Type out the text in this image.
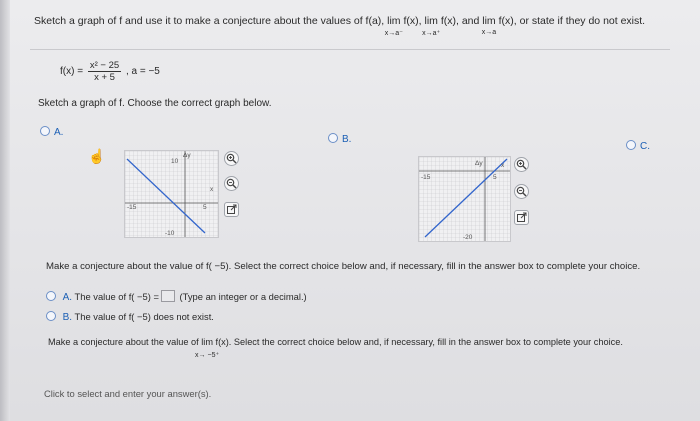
Sketch a graph of f and use it to make a conjecture about the values of f(a), lim
x→a⁻
f(x), lim
x→a⁺
f(x), and lim
x→a
f(x), or state if they do not exist.
$f(x) = \frac{\text{x² − 25}}{x + 5}$ , a = −5
Sketch a graph of f. Choose the correct graph below.
A.
B.
C.
☝	10
-10
-15	5
x
Δy
-15	5
-20
x
Δy
Make a conjecture about the value of f( −5). Select the correct choice below and, if necessary, fill in the answer box to complete your choice.
A. The value of f( −5) = (Type an integer or a decimal.)
B. The value of f( −5) does not exist.
Make a conjecture about the value of lim
x→ −5⁺
f(x). Select the correct choice below and, if necessary, fill in the answer box to complete your choice.
Click to select and enter your answer(s).
